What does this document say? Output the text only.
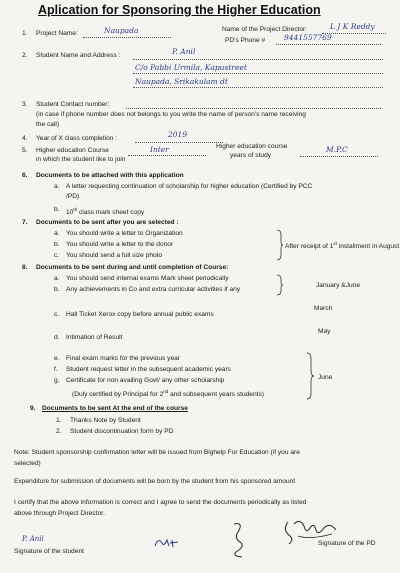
Aplication for Sponsoring the Higher Education
1. Project Name:	Naupada	Name of the Project Director:	L J K Reddy
PD's Phone #	9441557769
2. Student Name and Address :	P. Anil
C/o Pabbi Urmila, Kapustreet
Naupada, Srikakulam dt
3. Student Contact number:
(in case if phone number does not belongs to you write the name of person's name receiving
the call)
4. Year of X class completion :	2019
5. Higher education Course	Inter
in which the student like to join
Higher education course
years of study
M.P.C
6. Documents to be attached with this application
a. A letter requesting continuation of scholarship for higher education (Certified by PCC
/PD)
b. 10th class mark sheet copy
7. Documents to be sent after you are selected :
a. You should write a letter to Organization
b. You should write a letter to the donor
c. You should send a full size photo
After receipt of 1st installment in August
8. Documents to be sent during and until completion of Course:
a. You should send internal exams Mark sheet periodically
b. Any achievements in Co and extra curricular activities if any
January &June
c. Hall Ticket Xerox copy before annual public exams
March
May
d. Intimation of Result
e. Final exam marks for the previous year
f. Student request letter in the subsequent academic years
g. Certificate for non availing Govt/ any other scholarship
(Duly certified by Principal for 2nd and subsequent years students)
June
9. Documents to be sent At the end of the course
1. Thanks Note by Student
2. Student discontinuation form by PD
Note: Student sponsorship confirmation letter will be issued from Bighelp For Education (if you are
selected)
Expenditure for submission of documents will be born by the student from his sponsored amount
I certify that the above information is correct and I agree to send the documents periodically as listed
above through Project Director.
P. Anil
Signature of the student
Signature of the PD
